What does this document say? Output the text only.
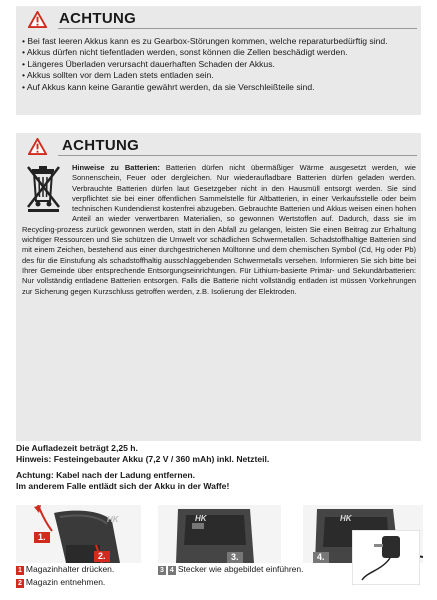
ACHTUNG
• Bei fast leeren Akkus kann es zu Gearbox-Störungen kommen, welche reparaturbedürftig sind.
• Akkus dürfen nicht tiefentladen werden, sonst können die Zellen beschädigt werden.
• Längeres Überladen verursacht dauerhaften Schaden der Akkus.
• Akkus sollten vor dem Laden stets entladen sein.
• Auf Akkus kann keine Garantie gewährt werden, da sie Verschleißteile sind.
ACHTUNG
Hinweise zu Batterien: Batterien dürfen nicht übermäßiger Wärme ausgesetzt werden, wie Sonnenschein, Feuer oder dergleichen. Nur wiederaufladbare Batterien dürfen geladen werden. Verbrauchte Batterien dürfen laut Gesetzgeber nicht in den Hausmüll entsorgt werden. Sie sind verpflichtet sie bei einer öffentlichen Sammelstelle für Altbatterien, in einer Verkaufsstelle oder beim technischen Kundendienst kostenfrei abzugeben. Gebrauchte Batterien und Akkus weisen einen hohen Anteil an wieder verwertbaren Materialien, so gewonnen Wertstoffen auf. Dadurch, dass sie im Recycling-prozess zurück gewonnen werden, statt in den Abfall zu gelangen, leisten Sie einen Beitrag zur Erhaltung wichtiger Ressourcen und Sie schützen die Umwelt vor schädlichen Schwermetallen. Schadstoffhaltige Batterien sind mit einem Zeichen, bestehend aus einer durchgestrichenen Mülltonne und dem chemischen Symbol (Cd, Hg oder Pb) des für die Einstufung als schadstoffhaltig ausschlaggebenden Schwermetalls versehen. Informieren Sie sich bitte bei Ihrer Gemeinde über entsprechende Entsorgungseinrichtungen. Für Lithium-basierte Primär- und Sekundärbatterien: Nur vollständig entladene Batterien entsorgen. Falls die Batterie nicht vollständig entladen ist müssen Vorkehrungen zur Sicherung gegen Kurzschluss getroffen werden, z.B. Isolierung der Elektroden.
Die Aufladezeit beträgt 2,25 h.
Hinweis: Festeingebauter Akku (7,2 V / 360 mAh) inkl. Netzteil.
Achtung: Kabel nach der Ladung entfernen.
Im anderem Falle entlädt sich der Akku in der Waffe!
1.
2.
HK	HK
3.
HK
4.
1 Magazinhalter drücken.
2 Magazin entnehmen.
3 4 Stecker wie abgebildet einführen.
